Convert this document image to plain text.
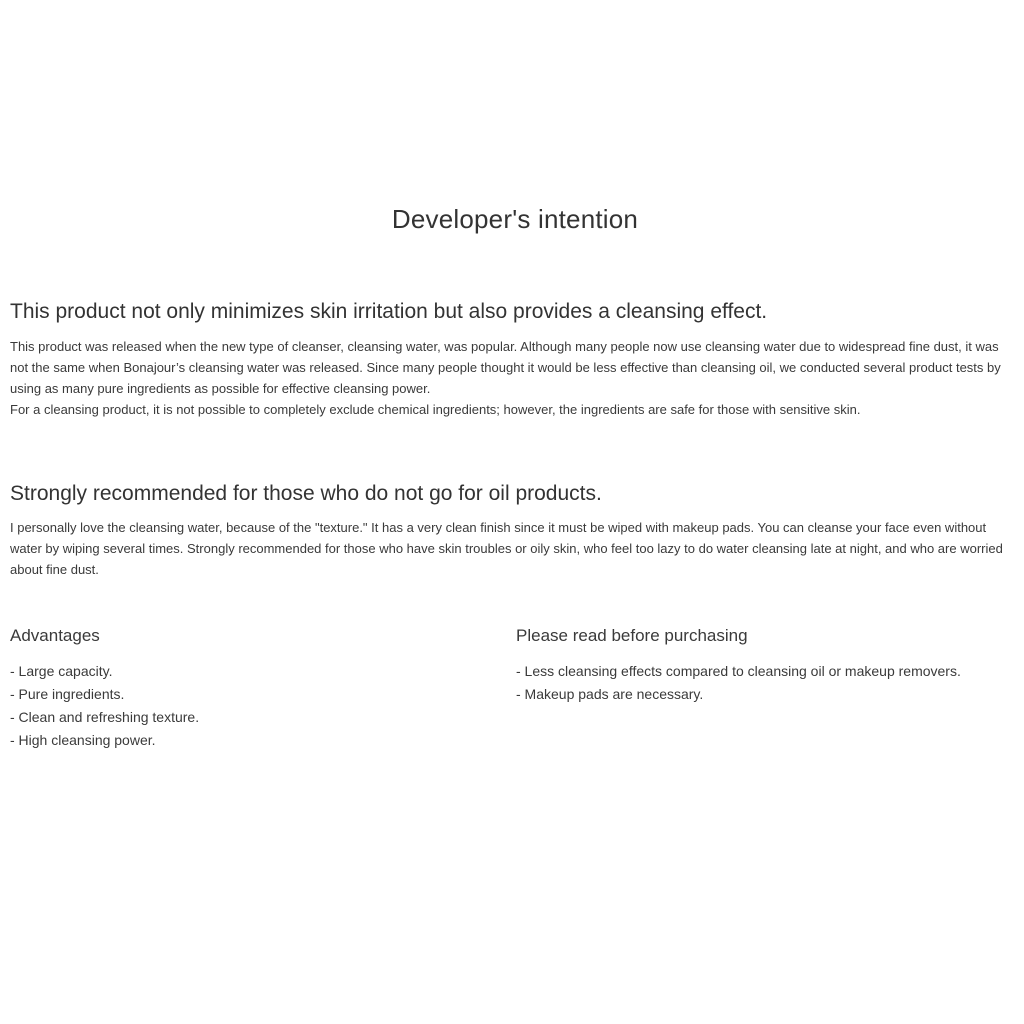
Developer's intention
This product not only minimizes skin irritation but also provides a cleansing effect.

This product was released when the new type of cleanser, cleansing water, was popular. Although many people now use cleansing water due to widespread fine dust, it was not the same when Bonajour’s cleansing water was released. Since many people thought it would be less effective than cleansing oil, we conducted several product tests by using as many pure ingredients as possible for effective cleansing power.

For a cleansing product, it is not possible to completely exclude chemical ingredients; however, the ingredients are safe for those with sensitive skin.

Strongly recommended for those who do not go for oil products.

I personally love the cleansing water, because of the "texture." It has a very clean finish since it must be wiped with makeup pads. You can cleanse your face even without water by wiping several times. Strongly recommended for those who have skin troubles or oily skin, who feel too lazy to do water cleansing late at night, and who are worried about fine dust.

Advantages
- Large capacity.
- Pure ingredients.
- Clean and refreshing texture.
- High cleansing power.
Please read before purchasing
- Less cleansing effects compared to cleansing oil or makeup removers.
- Makeup pads are necessary.
